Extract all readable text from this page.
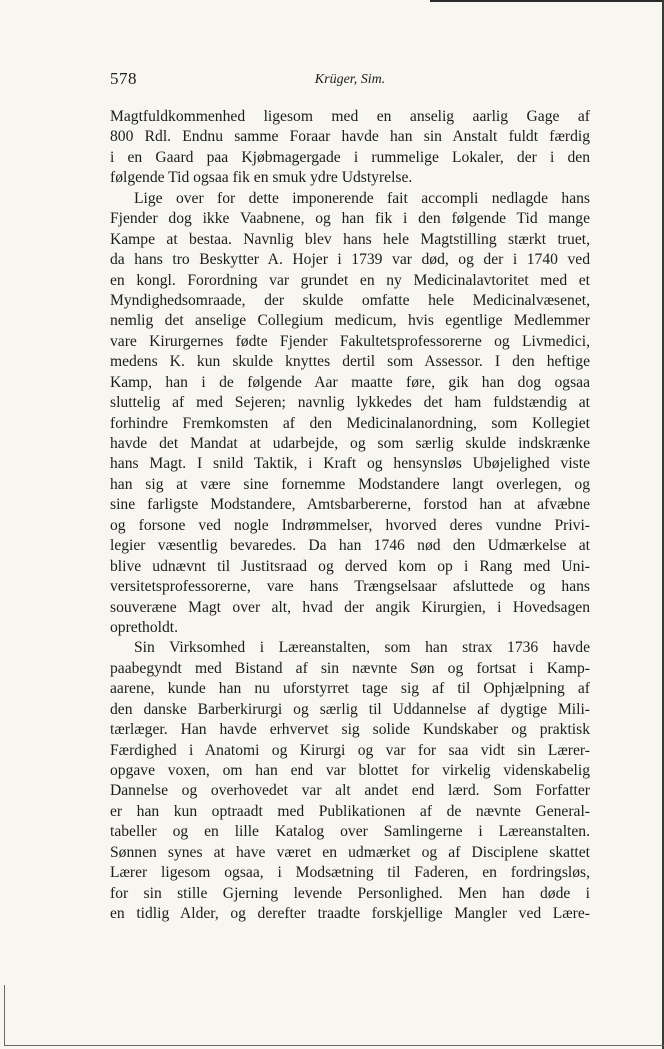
578	Krüger, Sim.
Magtfuldkommenhed ligesom med en anselig aarlig Gage af
800 Rdl. Endnu samme Foraar havde han sin Anstalt fuldt færdig
i en Gaard paa Kjøbmagergade i rummelige Lokaler, der i den
følgende Tid ogsaa fik en smuk ydre Udstyrelse.
Lige over for dette imponerende fait accompli nedlagde hans
Fjender dog ikke Vaabnene, og han fik i den følgende Tid mange
Kampe at bestaa. Navnlig blev hans hele Magtstilling stærkt truet,
da hans tro Beskytter A. Hojer i 1739 var død, og der i 1740 ved
en kongl. Forordning var grundet en ny Medicinalavtoritet med et
Myndighedsomraade, der skulde omfatte hele Medicinalvæsenet,
nemlig det anselige Collegium medicum, hvis egentlige Medlemmer
vare Kirurgernes fødte Fjender Fakultetsprofessorerne og Livmedici,
medens K. kun skulde knyttes dertil som Assessor. I den heftige
Kamp, han i de følgende Aar maatte føre, gik han dog ogsaa
sluttelig af med Sejeren; navnlig lykkedes det ham fuldstændig at
forhindre Fremkomsten af den Medicinalanordning, som Kollegiet
havde det Mandat at udarbejde, og som særlig skulde indskrænke
hans Magt. I snild Taktik, i Kraft og hensynsløs Ubøjelighed viste
han sig at være sine fornemme Modstandere langt overlegen, og
sine farligste Modstandere, Amtsbarbererne, forstod han at afvæbne
og forsone ved nogle Indrømmelser, hvorved deres vundne Privi-
legier væsentlig bevaredes. Da han 1746 nød den Udmærkelse at
blive udnævnt til Justitsraad og derved kom op i Rang med Uni-
versitetsprofessorerne, vare hans Trængselsaar afsluttede og hans
souveræne Magt over alt, hvad der angik Kirurgien, i Hovedsagen
opretholdt.
Sin Virksomhed i Læreanstalten, som han strax 1736 havde
paabegyndt med Bistand af sin nævnte Søn og fortsat i Kamp-
aarene, kunde han nu uforstyrret tage sig af til Ophjælpning af
den danske Barberkirurgi og særlig til Uddannelse af dygtige Mili-
tærlæger. Han havde erhvervet sig solide Kundskaber og praktisk
Færdighed i Anatomi og Kirurgi og var for saa vidt sin Lærer-
opgave voxen, om han end var blottet for virkelig videnskabelig
Dannelse og overhovedet var alt andet end lærd. Som Forfatter
er han kun optraadt med Publikationen af de nævnte General-
tabeller og en lille Katalog over Samlingerne i Læreanstalten.
Sønnen synes at have været en udmærket og af Disciplene skattet
Lærer ligesom ogsaa, i Modsætning til Faderen, en fordringsløs,
for sin stille Gjerning levende Personlighed. Men han døde i
en tidlig Alder, og derefter traadte forskjellige Mangler ved Lære-
